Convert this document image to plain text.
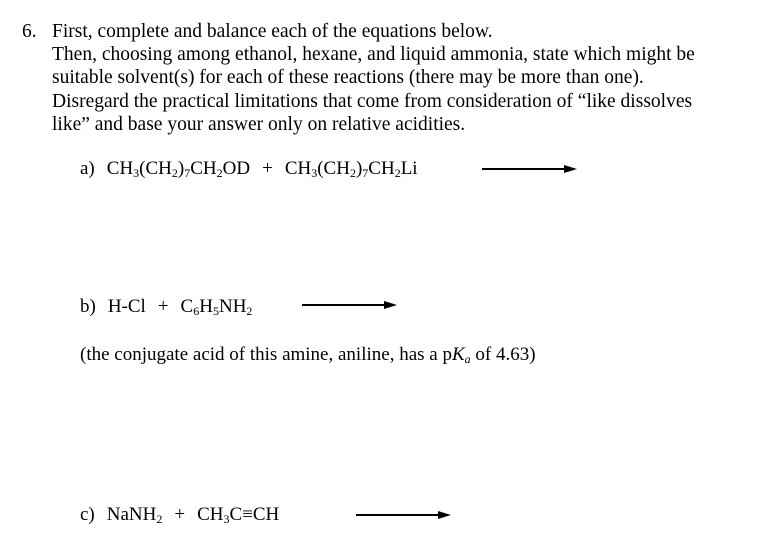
6. First, complete and balance each of the equations below.

Then, choosing among ethanol, hexane, and liquid ammonia, state which might be

suitable solvent(s) for each of these reactions (there may be more than one).

Disregard the practical limitations that come from consideration of “like dissolves

like” and base your answer only on relative acidities.

a) $CH_3(CH_2)_7CH_2OD + CH_3(CH_2)_7CH_2Li$
b) $H-Cl + C_6H_5NH_2$
(the conjugate acid of this amine, aniline, has a $pK_a$ of 4.63)
c) NaNH$_2$ + $CH_3C\equiv CH$
